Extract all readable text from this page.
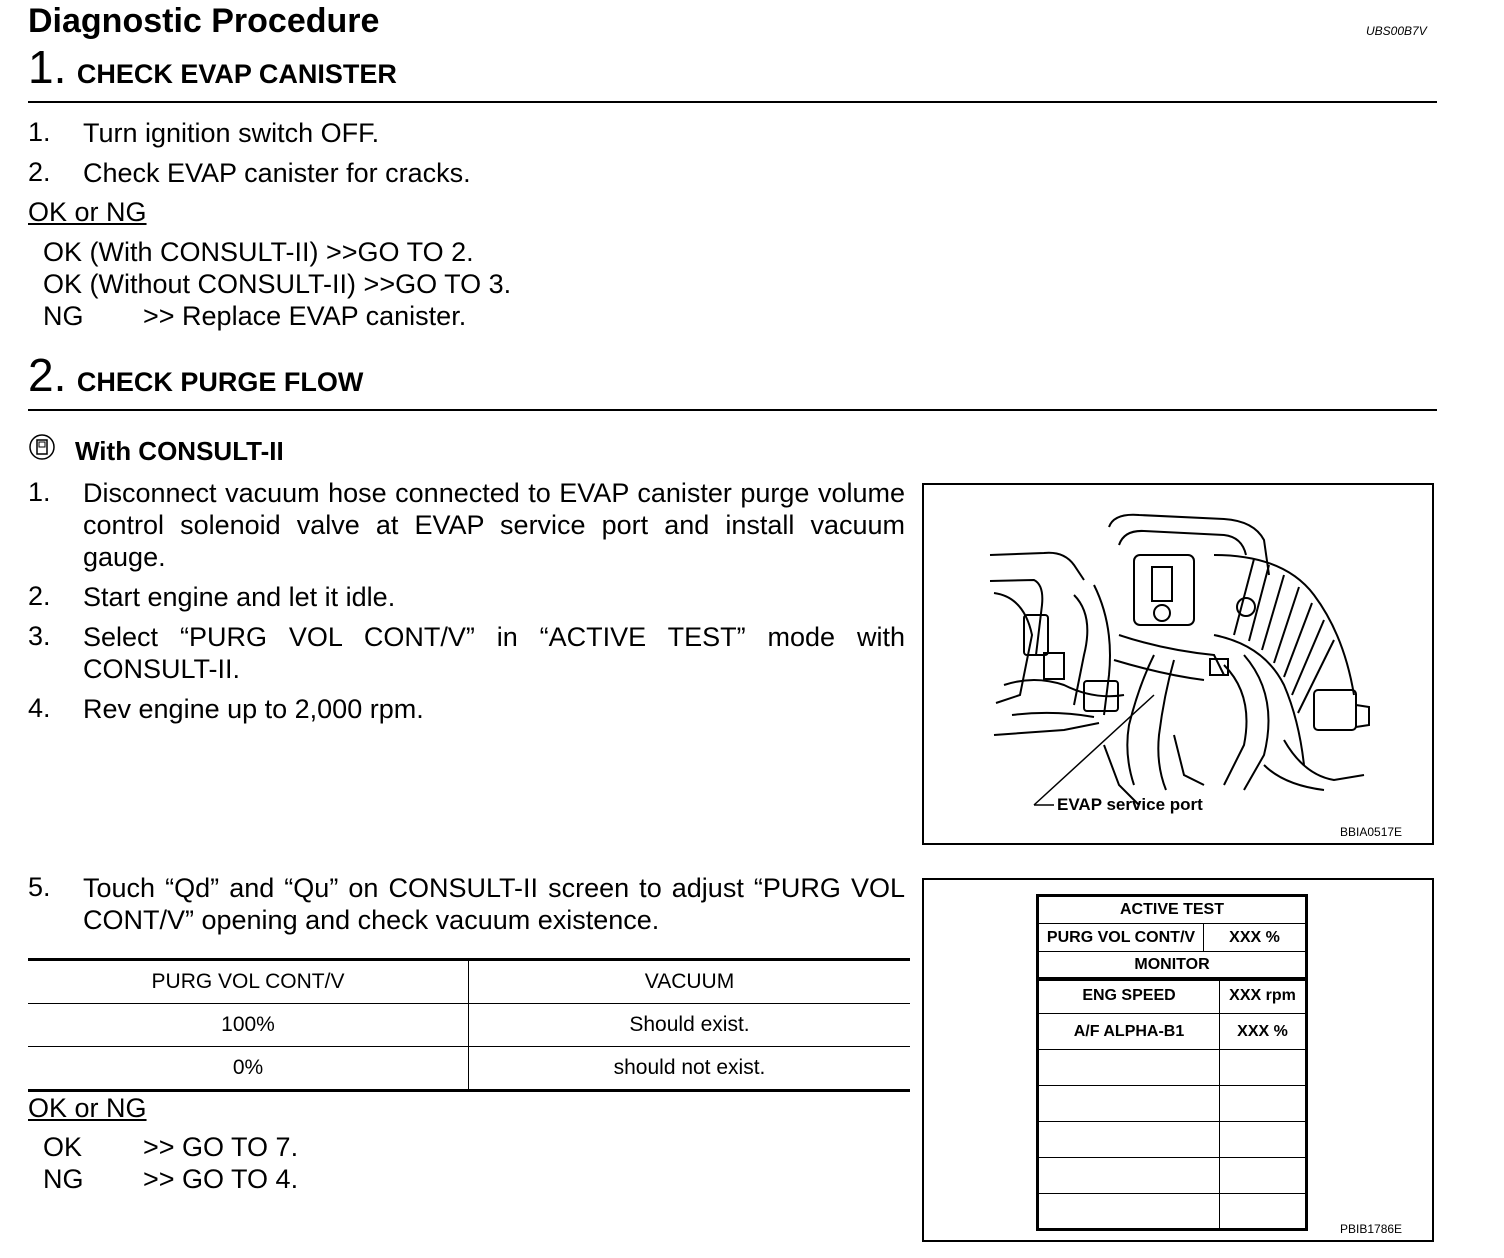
Diagnostic Procedure	UBS00B7V
1. CHECK EVAP CANISTER
1. Turn ignition switch OFF.
2. Check EVAP canister for cracks.
OK or NG
OK (With CONSULT-II) >>GO TO 2.
OK (Without CONSULT-II) >>GO TO 3.
NG >> Replace EVAP canister.
2. CHECK PURGE FLOW
With CONSULT-II
1. Disconnect vacuum hose connected to EVAP canister purge volume control solenoid valve at EVAP service port and install vacuum gauge.
2. Start engine and let it idle.
3. Select “PURG VOL CONT/V” in “ACTIVE TEST” mode with CONSULT-II.
4. Rev engine up to 2,000 rpm.
EVAP service port
BBIA0517E
5. Touch “Qd” and “Qu” on CONSULT-II screen to adjust “PURG VOL CONT/V” opening and check vacuum existence.
PURG VOL CONT/V	VACUUM
100%	Should exist.
0%	should not exist.
ACTIVE TEST
PURG VOL CONT/V	XXX %
MONITOR
ENG SPEED	XXX rpm
A/F ALPHA-B1	XXX %

PBIB1786E
OK or NG
OK >> GO TO 7.
NG >> GO TO 4.
